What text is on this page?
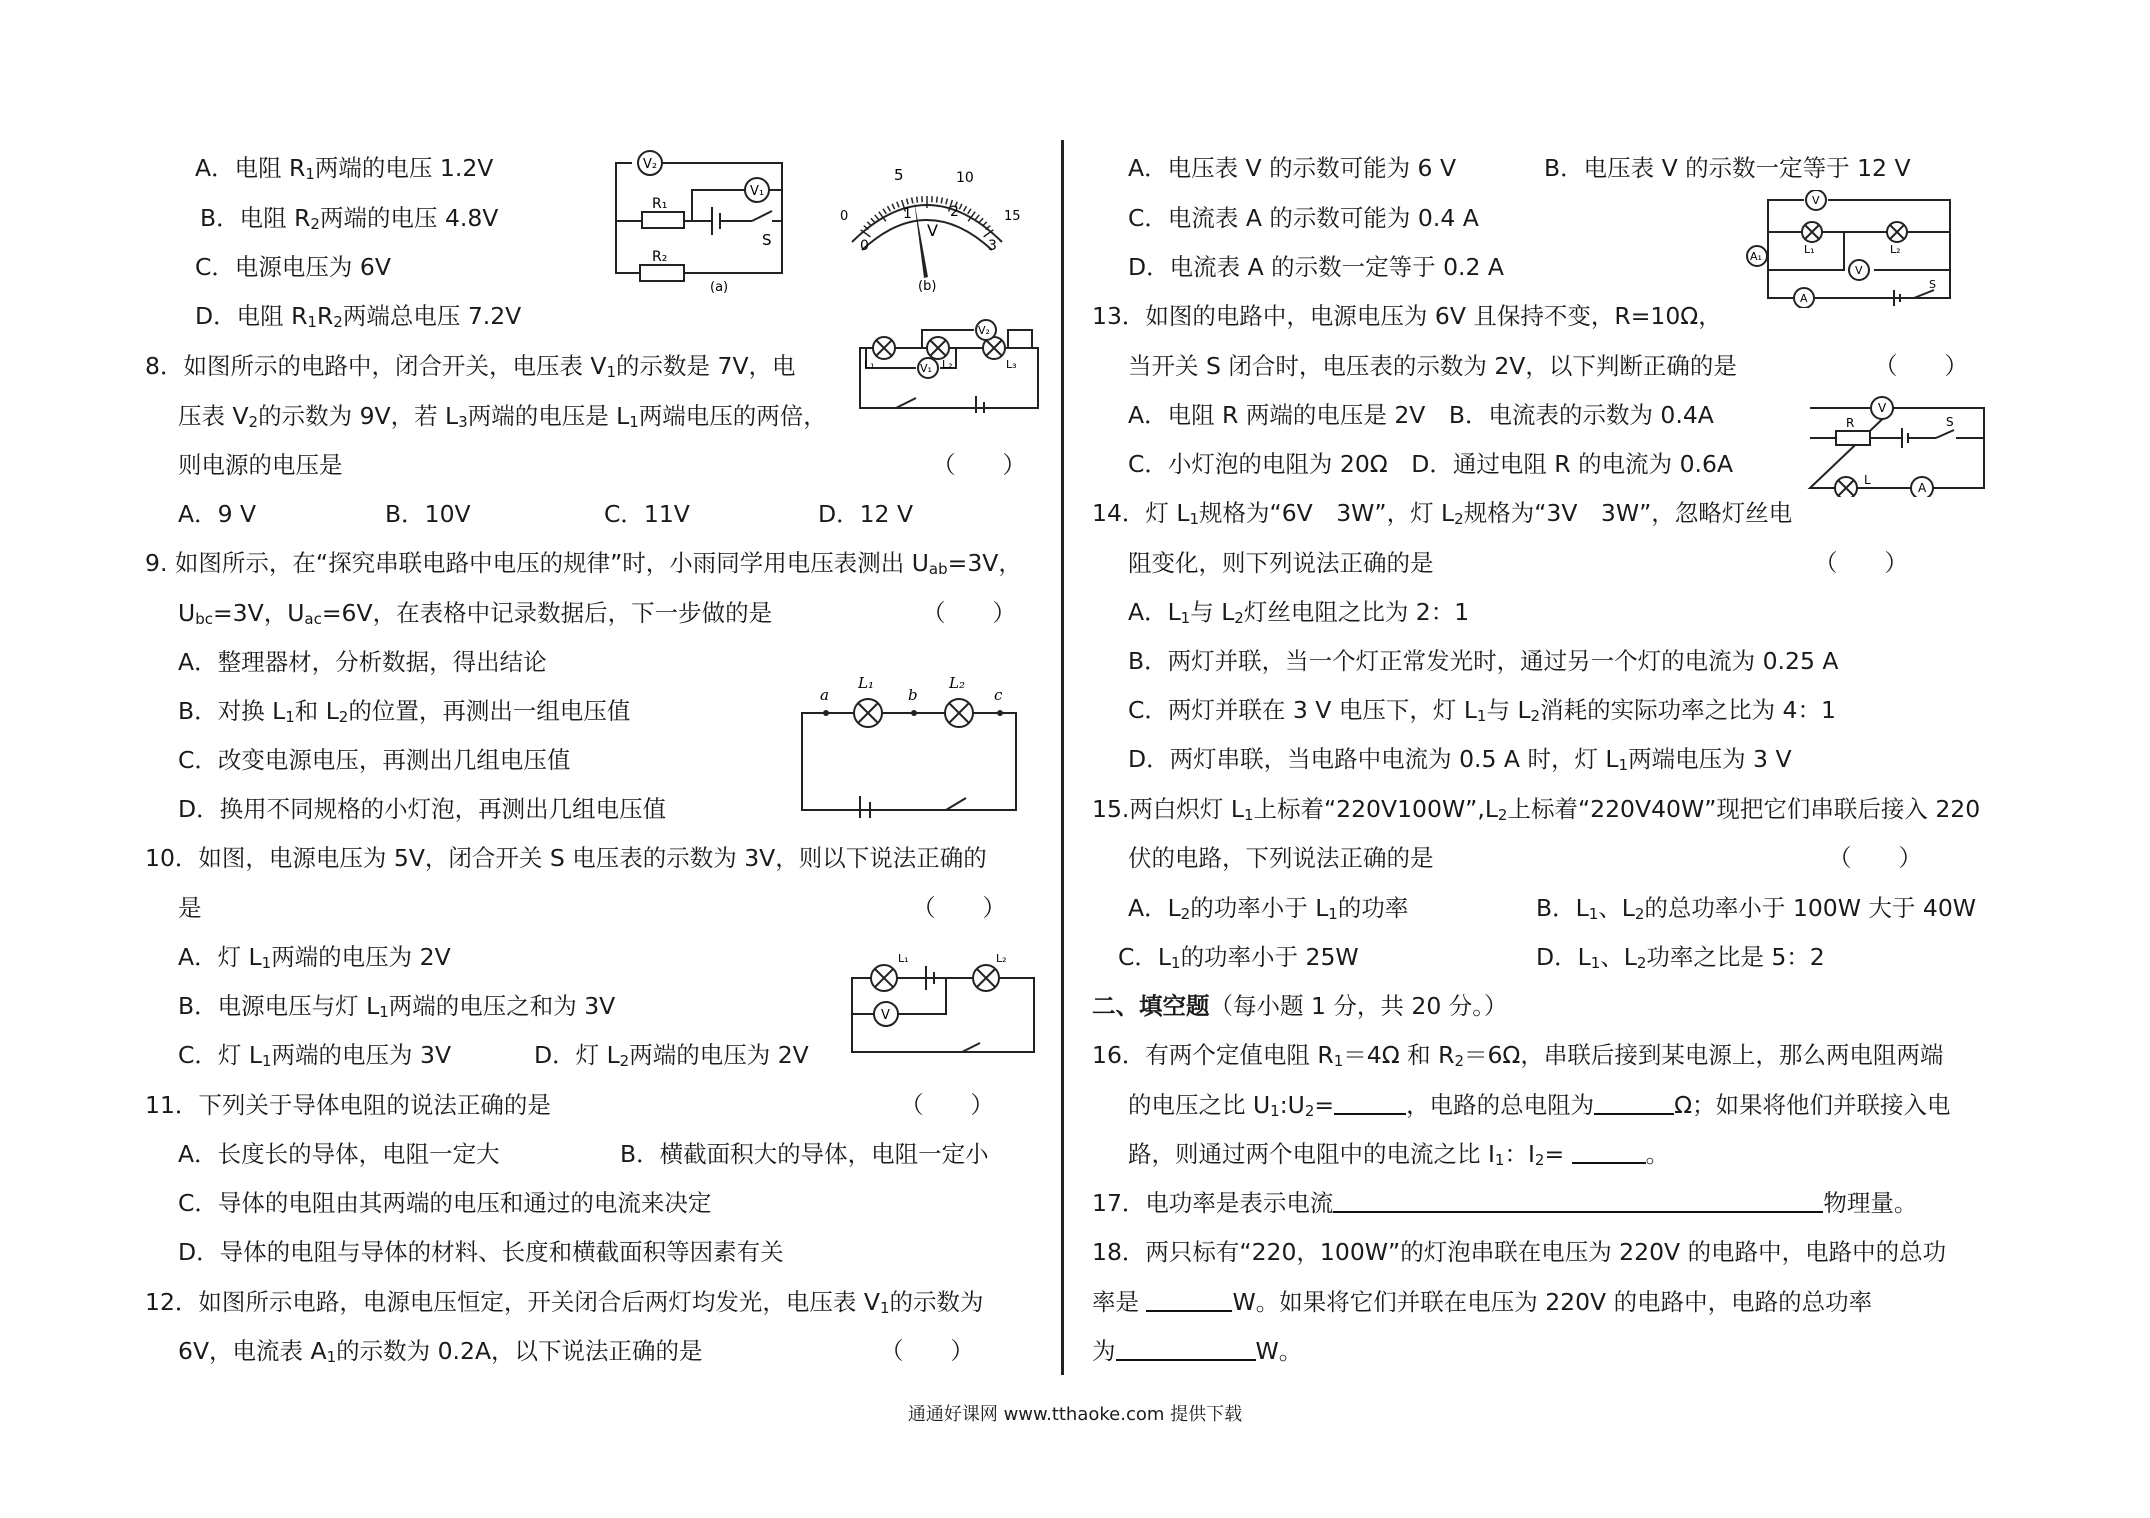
A．电阻 $R_1$两端的电压 1.2V
B．电阻 $R_2$两端的电压 4.8V
C．电源电压为 6V
D．电阻 $R_1R_2$两端总电压 7.2V
V₂
V₁
R₁
R₂
S
(a)
5	10
0	15
0
1	2
3
V
(b)
8．如图所示的电路中，闭合开关，电压表 $V_1$的示数是 7V，电
压表 $V_2$的示数为 9V，若 $L_3$两端的电压是 $L_1$两端电压的两倍，
则电源的电压是	（　　）
A．9 V	B．10V	C．11V	D．12 V
L₁	L₂	L₃
V₁
V₂
9. 如图所示，在“探究串联电路中电压的规律”时，小雨同学用电压表测出 $U_{ab}=3V$，
$U_{bc}=3V$，$U_{ac}=6V$，在表格中记录数据后，下一步做的是	（　　）
A．整理器材，分析数据，得出结论
B．对换 $L_1$和 $L_2$的位置，再测出一组电压值
C．改变电源电压，再测出几组电压值
D．换用不同规格的小灯泡，再测出几组电压值
a	b	c
L₁	L₂
10．如图，电源电压为 5V，闭合开关 S 电压表的示数为 3V，则以下说法正确的
是	（　　）
A．灯 $L_1$两端的电压为 2V
B．电源电压与灯 $L_1$两端的电压之和为 3V
C．灯 $L_1$两端的电压为 3V	D．灯 $L_2$两端的电压为 2V
L₁	L₂
V
11．下列关于导体电阻的说法正确的是	（　　）
A．长度长的导体，电阻一定大	B．横截面积大的导体，电阻一定小
C．导体的电阻由其两端的电压和通过的电流来决定
D．导体的电阻与导体的材料、长度和横截面积等因素有关
12．如图所示电路，电源电压恒定，开关闭合后两灯均发光，电压表 $V_1$的示数为
6V，电流表 $A_1$的示数为 0.2A，以下说法正确的是	（　　）
A．电压表 V 的示数可能为 6 V	B．电压表 V 的示数一定等于 12 V
C．电流表 A 的示数可能为 0.4 A
D．电流表 A 的示数一定等于 0.2 A
V
A₁
L₁	L₂
V
A
S
13．如图的电路中，电源电压为 6V 且保持不变，R=10Ω，
当开关 S 闭合时，电压表的示数为 2V，以下判断正确的是	（　　）
A．电阻 R 两端的电压是 2V　B．电流表的示数为 0.4A
C．小灯泡的电阻为 20Ω　D．通过电阻 R 的电流为 0.6A
V
R	S
L
A
14．灯 $L_1$规格为“6V　3W”，灯 $L_2$规格为“3V　3W”，忽略灯丝电
阻变化，则下列说法正确的是	（　　）
A．$L_1$与 $L_2$灯丝电阻之比为 2：1
B．两灯并联，当一个灯正常发光时，通过另一个灯的电流为 0.25 A
C．两灯并联在 3 V 电压下，灯 $L_1$与 $L_2$消耗的实际功率之比为 4：1
D．两灯串联，当电路中电流为 0.5 A 时，灯 $L_1$两端电压为 3 V
15.两白炽灯 $L_1$上标着“$220V100W”,L_2$上标着“220V40W”现把它们串联后接入 220
伏的电路，下列说法正确的是	（　　）
A．$L_2$的功率小于 $L_1$的功率	B．$L_1$、$L_2$的总功率小于 100W 大于 40W
C．$L_1$的功率小于 25W	D．$L_1$、$L_2$功率之比是 5：2
二、填空题（每小题 1 分，共 20 分。）
16．有两个定值电阻 $R_1=4\Omega$ 和 $R_2=6\Omega$，串联后接到某电源上，那么两电阻两端
的电压之比 $U_1:U_2=$	，电路的总电阻为	Ω；如果将他们并联接入电
路，则通过两个电阻中的电流之比 $I_1$：$I_2=$	。
17．电功率是表示电流	物理量。
18．两只标有“220，100W”的灯泡串联在电压为 220V 的电路中，电路中的总功
率是	W。如果将它们并联在电压为 220V 的电路中，电路的总功率
为	W。
通通好课网 www.tthaoke.com 提供下载
